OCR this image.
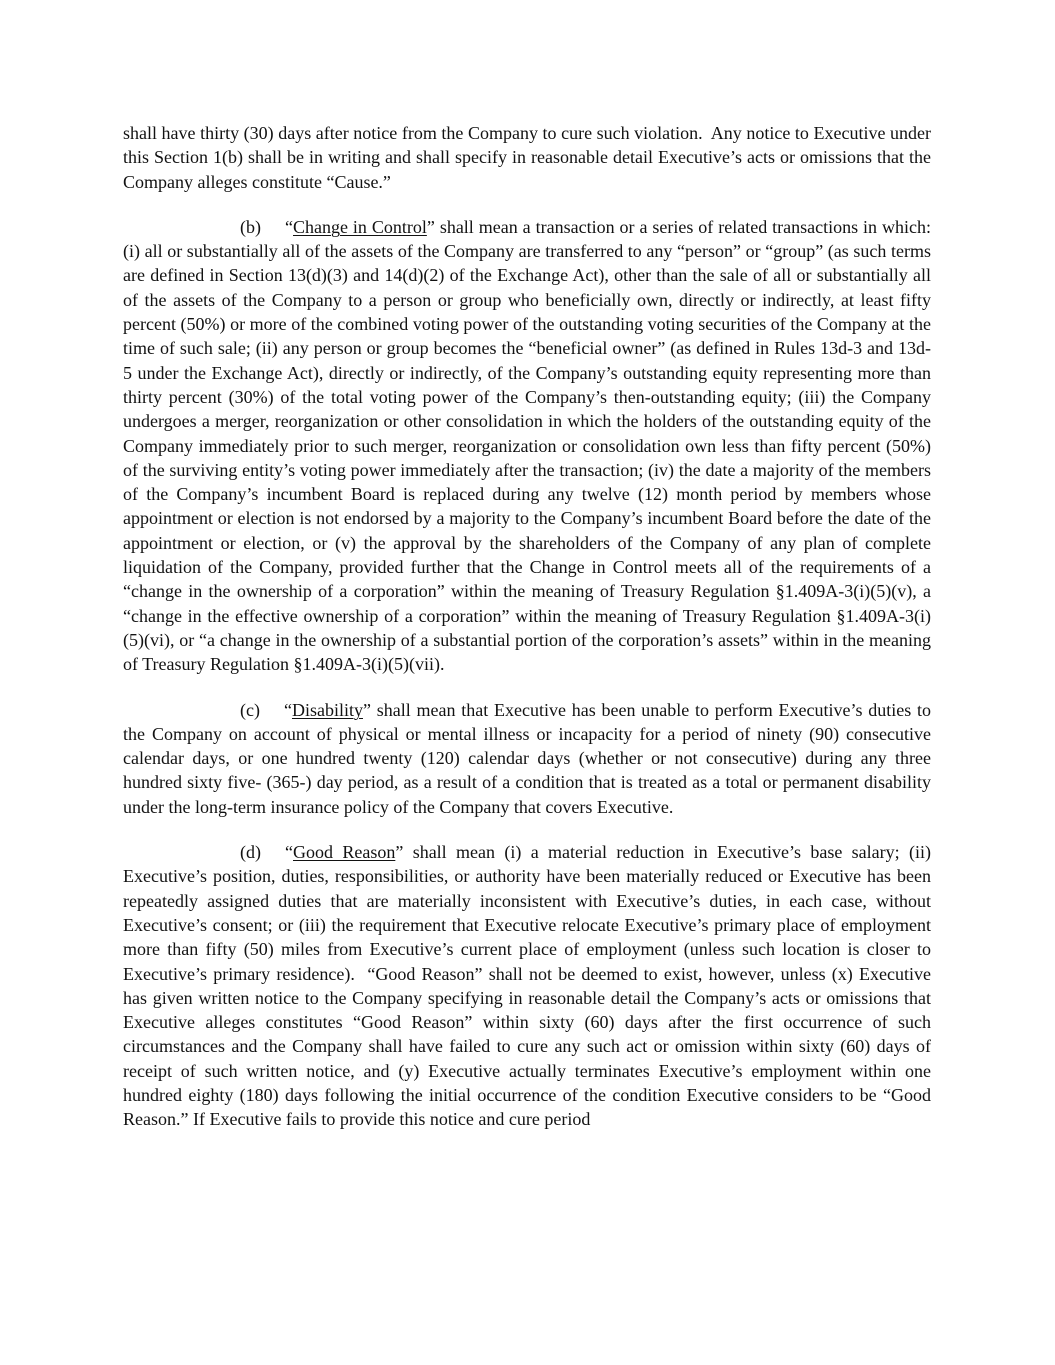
shall have thirty (30) days after notice from the Company to cure such violation.  Any notice to Executive under this Section 1(b) shall be in writing and shall specify in reasonable detail Executive’s acts or omissions that the Company alleges constitute “Cause.”

(b) “Change in Control” shall mean a transaction or a series of related transactions in which: (i) all or substantially all of the assets of the Company are transferred to any “person” or “group” (as such terms are defined in Section 13(d)(3) and 14(d)(2) of the Exchange Act), other than the sale of all or substantially all of the assets of the Company to a person or group who beneficially own, directly or indirectly, at least fifty percent (50%) or more of the combined voting power of the outstanding voting securities of the Company at the time of such sale; (ii) any person or group becomes the “beneficial owner” (as defined in Rules 13d-3 and 13d-5 under the Exchange Act), directly or indirectly, of the Company’s outstanding equity representing more than thirty percent (30%) of the total voting power of the Company’s then-outstanding equity; (iii) the Company undergoes a merger, reorganization or other consolidation in which the holders of the outstanding equity of the Company immediately prior to such merger, reorganization or consolidation own less than fifty percent (50%) of the surviving entity’s voting power immediately after the transaction; (iv) the date a majority of the members of the Company’s incumbent Board is replaced during any twelve (12) month period by members whose appointment or election is not endorsed by a majority to the Company’s incumbent Board before the date of the appointment or election, or (v) the approval by the shareholders of the Company of any plan of complete liquidation of the Company, provided further that the Change in Control meets all of the requirements of a “change in the ownership of a corporation” within the meaning of Treasury Regulation §1.409A-3(i)(5)(v), a “change in the effective ownership of a corporation” within the meaning of Treasury Regulation §1.409A-3(i)(5)(vi), or “a change in the ownership of a substantial portion of the corporation’s assets” within in the meaning of Treasury Regulation §1.409A-3(i)(5)(vii).

(c) “Disability” shall mean that Executive has been unable to perform Executive’s duties to the Company on account of physical or mental illness or incapacity for a period of ninety (90) consecutive calendar days, or one hundred twenty (120) calendar days (whether or not consecutive) during any three hundred sixty five- (365-) day period, as a result of a condition that is treated as a total or permanent disability under the long-term insurance policy of the Company that covers Executive.

(d) “Good Reason” shall mean (i) a material reduction in Executive’s base salary; (ii) Executive’s position, duties, responsibilities, or authority have been materially reduced or Executive has been repeatedly assigned duties that are materially inconsistent with Executive’s duties, in each case, without Executive’s consent; or (iii) the requirement that Executive relocate Executive’s primary place of employment more than fifty (50) miles from Executive’s current place of employment (unless such location is closer to Executive’s primary residence).  “Good Reason” shall not be deemed to exist, however, unless (x) Executive has given written notice to the Company specifying in reasonable detail the Company’s acts or omissions that Executive alleges constitutes “Good Reason” within sixty (60) days after the first occurrence of such circumstances and the Company shall have failed to cure any such act or omission within sixty (60) days of receipt of such written notice, and (y) Executive actually terminates Executive’s employment within one hundred eighty (180) days following the initial occurrence of the condition Executive considers to be “Good Reason.” If Executive fails to provide this notice and cure period
